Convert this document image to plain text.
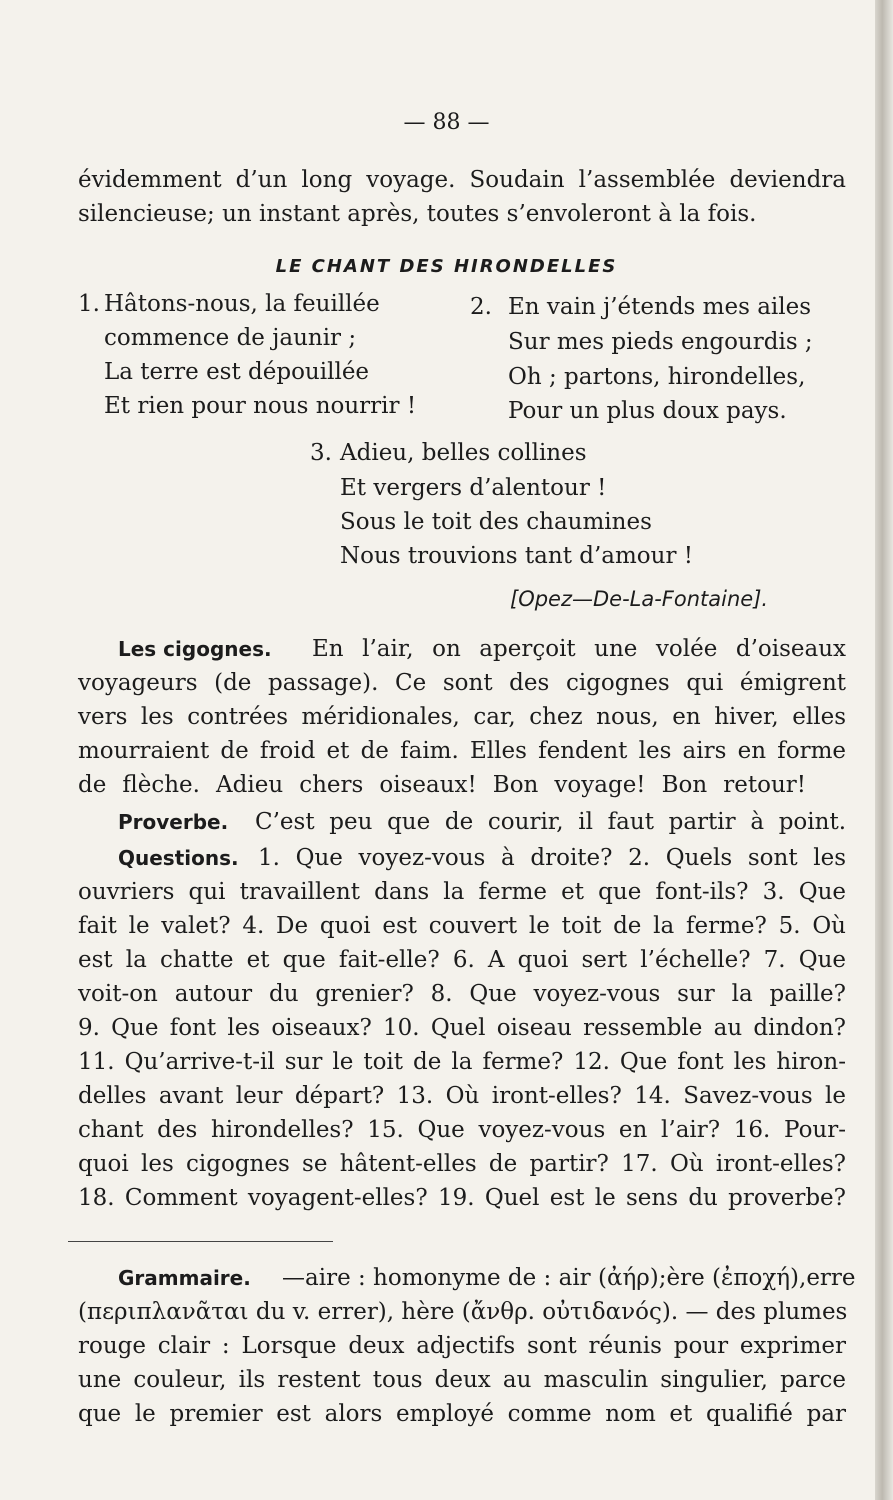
— 88 —
évidemment d’un long voyage. Soudain l’assemblée deviendra
silencieuse; un instant après, toutes s’envoleront à la fois.
LE CHANT DES HIRONDELLES
1. Hâtons-nous, la feuillée
commence de jaunir ;
La terre est dépouillée
Et rien pour nous nourrir !
2. En vain j’étends mes ailes
Sur mes pieds engourdis ;
Oh ; partons, hirondelles,
Pour un plus doux pays.
3. Adieu, belles collines
Et vergers d’alentour !
Sous le toit des chaumines
Nous trouvions tant d’amour !
[Opez—De-La-Fontaine].
Les cigognes. En l’air, on aperçoit une volée d’oiseaux
voyageurs (de passage). Ce sont des cigognes qui émigrent
vers les contrées méridionales, car, chez nous, en hiver, elles
mourraient de froid et de faim. Elles fendent les airs en forme
de flèche. Adieu chers oiseaux! Bon voyage! Bon retour!
Proverbe. C’est peu que de courir, il faut partir à point.
Questions. 1. Que voyez-vous à droite? 2. Quels sont les
ouvriers qui travaillent dans la ferme et que font-ils? 3. Que
fait le valet? 4. De quoi est couvert le toit de la ferme? 5. Où
est la chatte et que fait-elle? 6. A quoi sert l’échelle? 7. Que
voit-on autour du grenier? 8. Que voyez-vous sur la paille?
9. Que font les oiseaux? 10. Quel oiseau ressemble au dindon?
11. Qu’arrive-t-il sur le toit de la ferme? 12. Que font les hiron-
delles avant leur départ? 13. Où iront-elles? 14. Savez-vous le
chant des hirondelles? 15. Que voyez-vous en l’air? 16. Pour-
quoi les cigognes se hâtent-elles de partir? 17. Où iront-elles?
18. Comment voyagent-elles? 19. Quel est le sens du proverbe?
Grammaire. —aire : homonyme de : air (ἀήρ);ère (ἐποχή),erre
(περιπλανᾶται du v. errer), hère (ἄνθρ. οὐτιδανός). — des plumes
rouge clair : Lorsque deux adjectifs sont réunis pour exprimer
une couleur, ils restent tous deux au masculin singulier, parce
que le premier est alors employé comme nom et qualifié par
